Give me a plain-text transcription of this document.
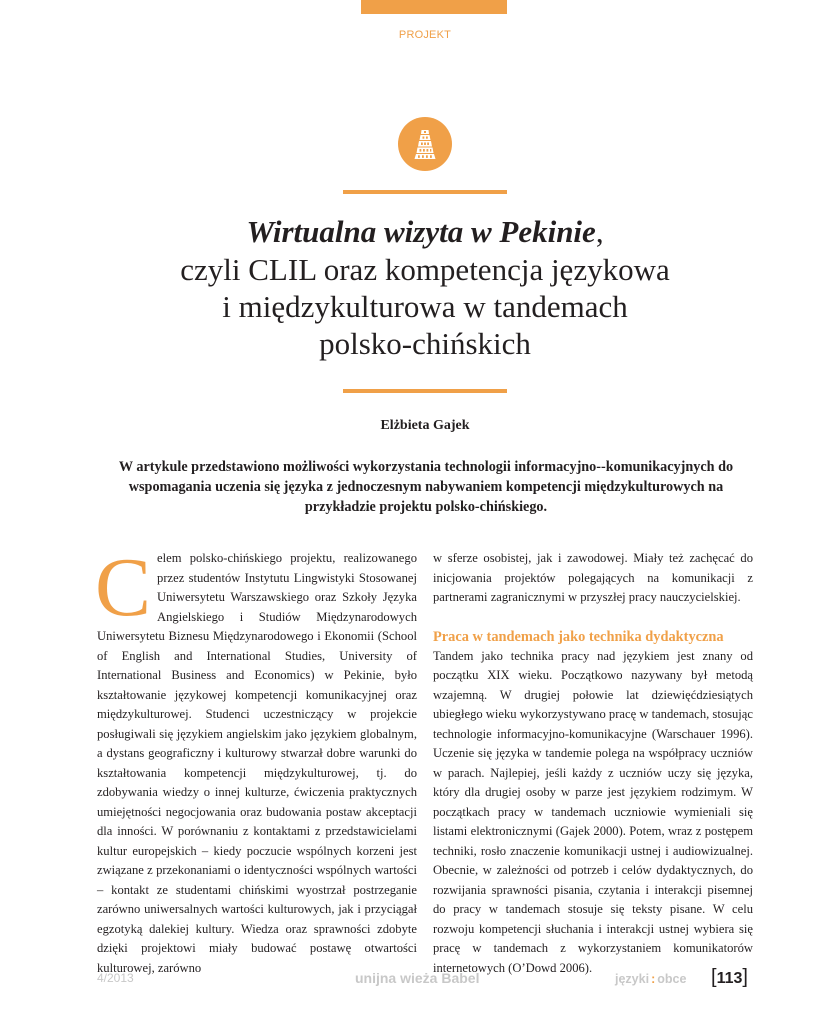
PROJEKT
Wirtualna wizyta w Pekinie,
czyli CLIL oraz kompetencja językowa
i międzykulturowa w tandemach
polsko-chińskich
Elżbieta Gajek
W artykule przedstawiono możliwości wykorzystania technologii informacyjno--komunikacyjnych do wspomagania uczenia się języka z jednoczesnym nabywaniem kompetencji międzykulturowych na przykładzie projektu polsko-chińskiego.

Celem polsko-chińskiego projektu, realizowanego przez studentów Instytutu Lingwistyki Stosowanej Uniwersytetu Warszawskiego oraz Szkoły Języka Angielskiego i Studiów Międzynarodowych Uniwersytetu Biznesu Międzynarodowego i Ekonomii (School of English and International Studies, University of International Business and Economics) w Pekinie, było kształtowanie językowej kompetencji komunikacyjnej oraz międzykulturowej. Studenci uczestniczący w projekcie posługiwali się językiem angielskim jako językiem globalnym, a dystans geograficzny i kulturowy stwarzał dobre warunki do kształtowania kompetencji międzykulturowej, tj. do zdobywania wiedzy o innej kulturze, ćwiczenia praktycznych umiejętności negocjowania oraz budowania postaw akceptacji dla inności. W porównaniu z kontaktami z przedstawicielami kultur europejskich – kiedy poczucie wspólnych korzeni jest związane z przekonaniami o identyczności wspólnych wartości – kontakt ze studentami chińskimi wyostrzał postrzeganie zarówno uniwersalnych wartości kulturowych, jak i przyciągał egzotyką dalekiej kultury. Wiedza oraz sprawności zdobyte dzięki projektowi miały budować postawę otwartości kulturowej, zarówno

w sferze osobistej, jak i zawodowej. Miały też zachęcać do inicjowania projektów polegających na komunikacji z partnerami zagranicznymi w przyszłej pracy nauczycielskiej.

Praca w tandemach jako technika dydaktyczna

Tandem jako technika pracy nad językiem jest znany od początku XIX wieku. Początkowo nazywany był metodą wzajemną. W drugiej połowie lat dziewięćdziesiątych ubiegłego wieku wykorzystywano pracę w tandemach, stosując technologie informacyjno-komunikacyjne (Warschauer 1996). Uczenie się języka w tandemie polega na współpracy uczniów w parach. Najlepiej, jeśli każdy z uczniów uczy się języka, który dla drugiej osoby w parze jest językiem rodzimym. W początkach pracy w tandemach uczniowie wymieniali się listami elektronicznymi (Gajek 2000). Potem, wraz z postępem techniki, rosło znaczenie komunikacji ustnej i audiowizualnej. Obecnie, w zależności od potrzeb i celów dydaktycznych, do rozwijania sprawności pisania, czytania i interakcji pisemnej do pracy w tandemach stosuje się teksty pisane. W celu rozwoju kompetencji słuchania i interakcji ustnej wybiera się pracę w tandemach z wykorzystaniem komunikatorów internetowych (O’Dowd 2006).

4/2013	unijna wieża Babel	języki : obce [113]
